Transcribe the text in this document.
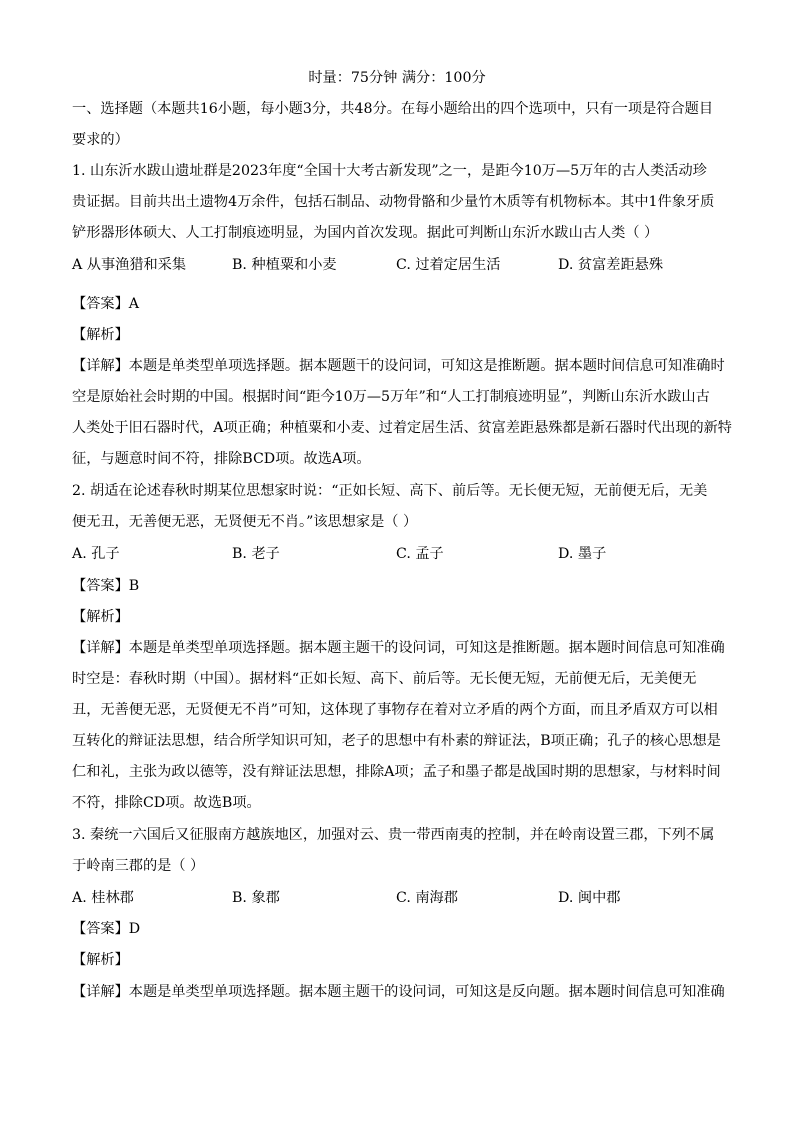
时量：75分钟 满分：100分
一、选择题（本题共16小题，每小题3分，共48分。在每小题给出的四个选项中，只有一项是符合题目
要求的）
1. 山东沂水跋山遗址群是2023年度“全国十大考古新发现”之一，是距今10万—5万年的古人类活动珍
贵证据。目前共出土遗物4万余件，包括石制品、动物骨骼和少量竹木质等有机物标本。其中1件象牙质
铲形器形体硕大、人工打制痕迹明显，为国内首次发现。据此可判断山东沂水跋山古人类（ ）
A 从事渔猎和采集	B. 种植粟和小麦	C. 过着定居生活	D. 贫富差距悬殊
【答案】A
【解析】
【详解】本题是单类型单项选择题。据本题题干的设问词，可知这是推断题。据本题时间信息可知准确时
空是原始社会时期的中国。根据时间“距今10万—5万年”和“人工打制痕迹明显”，判断山东沂水跋山古
人类处于旧石器时代，A项正确；种植粟和小麦、过着定居生活、贫富差距悬殊都是新石器时代出现的新特
征，与题意时间不符，排除BCD项。故选A项。
2. 胡适在论述春秋时期某位思想家时说：“正如长短、高下、前后等。无长便无短，无前便无后，无美
便无丑，无善便无恶，无贤便无不肖。”该思想家是（ ）
A. 孔子	B. 老子	C. 孟子	D. 墨子
【答案】B
【解析】
【详解】本题是单类型单项选择题。据本题主题干的设问词，可知这是推断题。据本题时间信息可知准确
时空是：春秋时期（中国）。据材料“正如长短、高下、前后等。无长便无短，无前便无后，无美便无
丑，无善便无恶，无贤便无不肖”可知，这体现了事物存在着对立矛盾的两个方面，而且矛盾双方可以相
互转化的辩证法思想，结合所学知识可知，老子的思想中有朴素的辩证法，B项正确；孔子的核心思想是
仁和礼，主张为政以德等，没有辩证法思想，排除A项；孟子和墨子都是战国时期的思想家，与材料时间
不符，排除CD项。故选B项。
3. 秦统一六国后又征服南方越族地区，加强对云、贵一带西南夷的控制，并在岭南设置三郡，下列不属
于岭南三郡的是（ ）
A. 桂林郡	B. 象郡	C. 南海郡	D. 闽中郡
【答案】D
【解析】
【详解】本题是单类型单项选择题。据本题主题干的设问词，可知这是反向题。据本题时间信息可知准确
